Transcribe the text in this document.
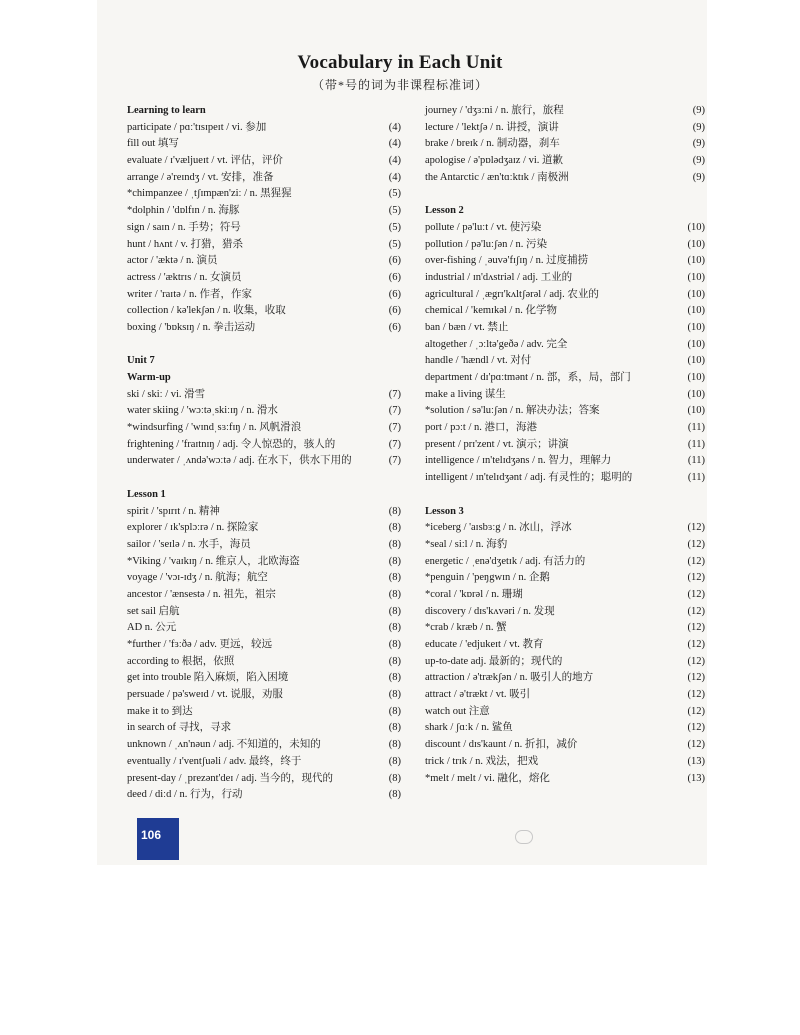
Vocabulary in Each Unit
（带*号的词为非课程标准词）
Learning to learn
participate / pɑː'tɪsɪpeɪt / vi. 参加	(4)
fill out 填写	(4)
evaluate / ɪ'væljueɪt / vt. 评估，评价	(4)
arrange / ə'reɪndʒ / vt. 安排，准备	(4)
*chimpanzee / ˌtʃɪmpæn'ziː / n. 黑猩猩	(5)
*dolphin / 'dɒlfɪn / n. 海豚	(5)
sign / saɪn / n. 手势；符号	(5)
hunt / hʌnt / v. 打猎，猎杀	(5)
actor / 'æktə / n. 演员	(6)
actress / 'æktrɪs / n. 女演员	(6)
writer / 'raɪtə / n. 作者，作家	(6)
collection / kə'lekʃən / n. 收集，收取	(6)
boxing / 'bɒksɪŋ / n. 拳击运动	(6)
Unit 7
Warm-up
ski / skiː / vi. 滑雪	(7)
water skiing / 'wɔːtəˌskiːɪŋ / n. 滑水	(7)
*windsurfing / 'wɪndˌsɜːfɪŋ / n. 风帆滑浪	(7)
frightening / 'fraɪtnɪŋ / adj. 令人惊恐的，骇人的	(7)
underwater / ˌʌndə'wɔːtə / adj. 在水下，供水下用的	(7)
Lesson 1
spirit / 'spɪrɪt / n. 精神	(8)
explorer / ɪk'splɔːrə / n. 探险家	(8)
sailor / 'seɪlə / n. 水手，海员	(8)
*Viking / 'vaɪkɪŋ / n. 维京人，北欧海盗	(8)
voyage / 'vɔɪ-ɪdʒ / n. 航海；航空	(8)
ancestor / 'ænsestə / n. 祖先，祖宗	(8)
set sail 启航	(8)
AD n. 公元	(8)
*further / 'fɜːðə / adv. 更远，较远	(8)
according to 根据，依照	(8)
get into trouble 陷入麻烦，陷入困境	(8)
persuade / pə'sweɪd / vt. 说服，劝服	(8)
make it to 到达	(8)
in search of 寻找，寻求	(8)
unknown / ˌʌn'nəun / adj. 不知道的，未知的	(8)
eventually / ɪ'ventʃuəli / adv. 最终，终于	(8)
present-day / ˌprezənt'deɪ / adj. 当今的，现代的	(8)
deed / diːd / n. 行为，行动	(8)
journey / 'dʒɜːni / n. 旅行，旅程	(9)
lecture / 'lektʃə / n. 讲授，演讲	(9)
brake / breɪk / n. 制动器，刹车	(9)
apologise / ə'pɒlədʒaɪz / vi. 道歉	(9)
the Antarctic / æn'tɑːktɪk / 南极洲	(9)
Lesson 2
pollute / pə'luːt / vt. 使污染	(10)
pollution / pə'luːʃən / n. 污染	(10)
over-fishing / ˌəuvə'fɪʃɪŋ / n. 过度捕捞	(10)
industrial / ɪn'dʌstriəl / adj. 工业的	(10)
agricultural / ˌægrɪ'kʌltʃərəl / adj. 农业的	(10)
chemical / 'kemɪkəl / n. 化学物	(10)
ban / bæn / vt. 禁止	(10)
altogether / ˌɔːltə'geðə / adv. 完全	(10)
handle / 'hændl / vt. 对付	(10)
department / dɪ'pɑːtmənt / n. 部，系，局，部门	(10)
make a living 谋生	(10)
*solution / sə'luːʃən / n. 解决办法；答案	(10)
port / pɔːt / n. 港口，海港	(11)
present / prɪ'zent / vt. 演示；讲演	(11)
intelligence / ɪn'telɪdʒəns / n. 智力，理解力	(11)
intelligent / ɪn'telɪdʒənt / adj. 有灵性的；聪明的	(11)
Lesson 3
*iceberg / 'aɪsbɜːg / n. 冰山，浮冰	(12)
*seal / siːl / n. 海豹	(12)
energetic / ˌenə'dʒetɪk / adj. 有活力的	(12)
*penguin / 'peŋgwɪn / n. 企鹅	(12)
*coral / 'kɒrəl / n. 珊瑚	(12)
discovery / dɪs'kʌvəri / n. 发现	(12)
*crab / kræb / n. 蟹	(12)
educate / 'edjukeɪt / vt. 教育	(12)
up-to-date adj. 最新的；现代的	(12)
attraction / ə'trækʃən / n. 吸引人的地方	(12)
attract / ə'trækt / vt. 吸引	(12)
watch out 注意	(12)
shark / ʃɑːk / n. 鲨鱼	(12)
discount / dɪs'kaunt / n. 折扣，减价	(12)
trick / trɪk / n. 戏法，把戏	(13)
*melt / melt / vi. 融化，熔化	(13)
106
